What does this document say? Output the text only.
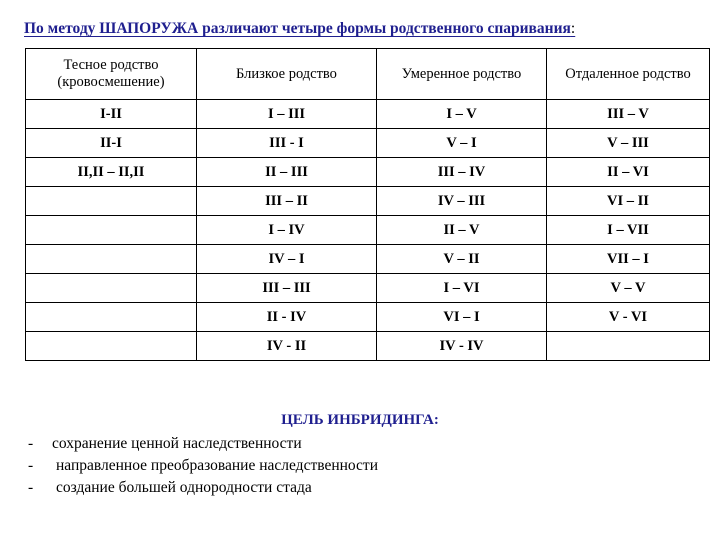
По методу ШАПОРУЖА различают четыре формы родственного спаривания:
Тесное родство (кровосмешение)	Близкое родство	Умеренное родство	Отдаленное родство
I-II	I – III	I – V	III – V
II-I	III - I	V – I	V – III
II,II – II,II	II – III	III – IV	II – VI
	III – II	IV – III	VI – II
	I – IV	II – V	I – VII
	IV – I	V – II	VII – I
	III – III	I – VI	V – V
	II - IV	VI – I	V - VI
	IV - II	IV - IV	
ЦЕЛЬ ИНБРИДИНГА:
- сохранение ценной наследственности
- направленное преобразование наследственности
- создание большей однородности стада
